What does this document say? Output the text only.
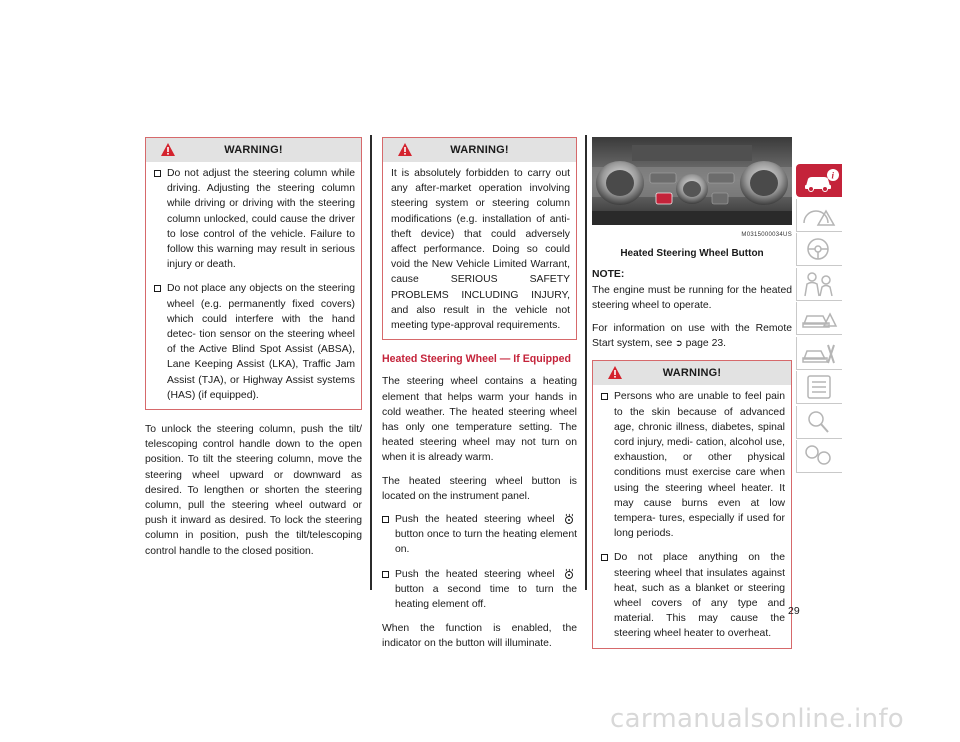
WARNING!
Do not adjust the steering column while driving. Adjusting the steering column while driving or driving with the steering column unlocked, could cause the driver to lose control of the vehicle. Failure to follow this warning may result in serious injury or death.
Do not place any objects on the steering wheel (e.g. permanently fixed covers) which could interfere with the hand detec- tion sensor on the steering wheel of the Active Blind Spot Assist (ABSA), Lane Keeping Assist (LKA), Traffic Jam Assist (TJA), or Highway Assist systems (HAS) (if equipped).

To unlock the steering column, push the tilt/ telescoping control handle down to the open position. To tilt the steering column, move the steering wheel upward or downward as desired. To lengthen or shorten the steering column, pull the steering wheel outward or push it inward as desired. To lock the steering column in position, push the tilt/telescoping control handle to the closed position.

WARNING!

It is absolutely forbidden to carry out any after-market operation involving steering system or steering column modifications (e.g. installation of anti-theft device) that could adversely affect performance. Doing so could void the New Vehicle Limited Warrant, cause SERIOUS SAFETY PROBLEMS INCLUDING INJURY, and also result in the vehicle not meeting type-approval requirements.

Heated Steering Wheel — If Equipped

The steering wheel contains a heating element that helps warm your hands in cold weather. The heated steering wheel has only one temperature setting. The heated steering wheel may not turn on when it is already warm.

The heated steering wheel button is located on the instrument panel.

Push the heated steering wheel  button once to turn the heating element on.
Push the heated steering wheel  button a second time to turn the heating element off.

When the function is enabled, the indicator on the button will illuminate.

M0315000034US
Heated Steering Wheel Button

NOTE:

The engine must be running for the heated steering wheel to operate.

For information on use with the Remote Start system, see ➲ page 23.

WARNING!
Persons who are unable to feel pain to the skin because of advanced age, chronic illness, diabetes, spinal cord injury, medi- cation, alcohol use, exhaustion, or other physical conditions must exercise care when using the steering wheel heater. It may cause burns even at low tempera- tures, especially if used for long periods.
Do not place anything on the steering wheel that insulates against heat, such as a blanket or steering wheel covers of any type and material. This may cause the steering wheel heater to overheat.
i
29
carmanualsonline.info
